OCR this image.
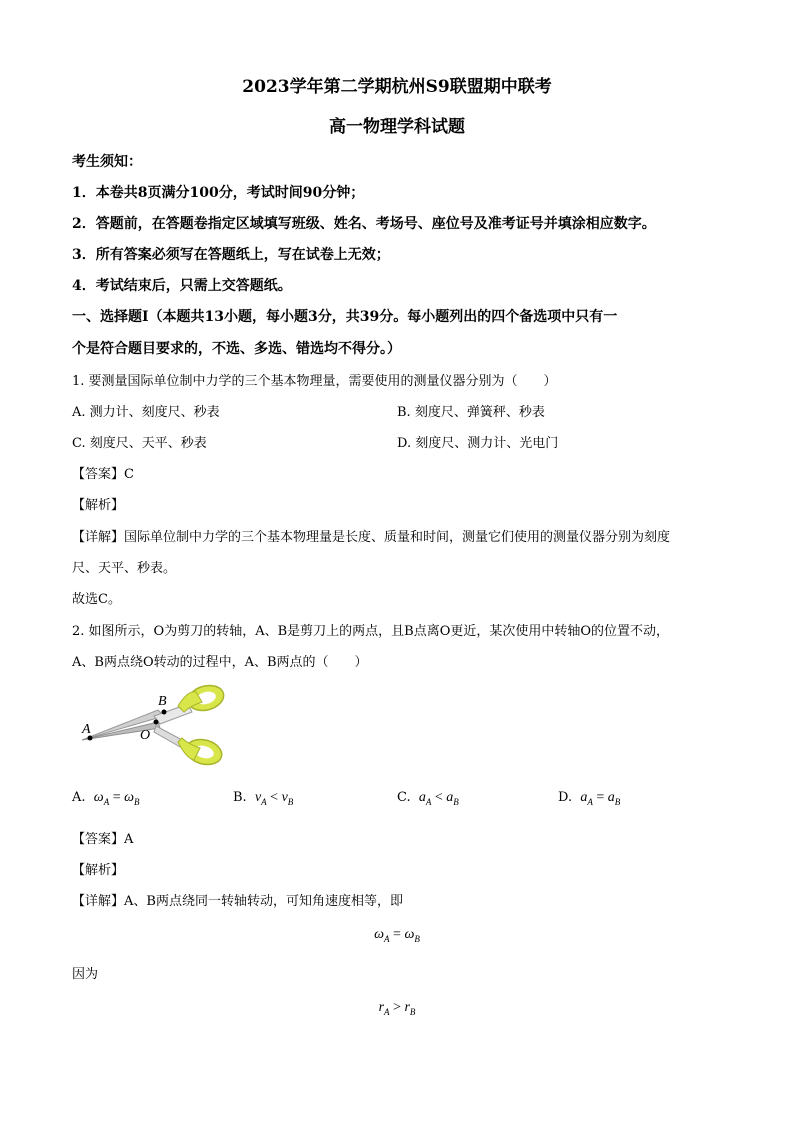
2023学年第二学期杭州S9联盟期中联考
高一物理学科试题
考生须知：
1．本卷共8页满分100分，考试时间90分钟；
2．答题前，在答题卷指定区域填写班级、姓名、考场号、座位号及准考证号并填涂相应数字。
3．所有答案必须写在答题纸上，写在试卷上无效；
4．考试结束后，只需上交答题纸。
一、选择题Ⅰ（本题共13小题，每小题3分，共39分。每小题列出的四个备选项中只有一
个是符合题目要求的，不选、多选、错选均不得分。）
1. 要测量国际单位制中力学的三个基本物理量，需要使用的测量仪器分别为（　　）
A. 测力计、刻度尺、秒表	B. 刻度尺、弹簧秤、秒表
C. 刻度尺、天平、秒表	D. 刻度尺、测力计、光电门
【答案】C
【解析】
【详解】国际单位制中力学的三个基本物理量是长度、质量和时间，测量它们使用的测量仪器分别为刻度
尺、天平、秒表。
故选C。
2. 如图所示，O为剪刀的转轴，A、B是剪刀上的两点，且B点离O更近，某次使用中转轴O的位置不动，
A、B两点绕O转动的过程中，A、B两点的（　　）
B
O
A
A. $\omega_A = \omega_B$	B. $v_A < v_B$	C. $a_A < a_B$	D. $a_A = a_B$
【答案】A
【解析】
【详解】A、B两点绕同一转轴转动，可知角速度相等，即
$\omega_A = \omega_B$
因为
$r_A > r_B$
